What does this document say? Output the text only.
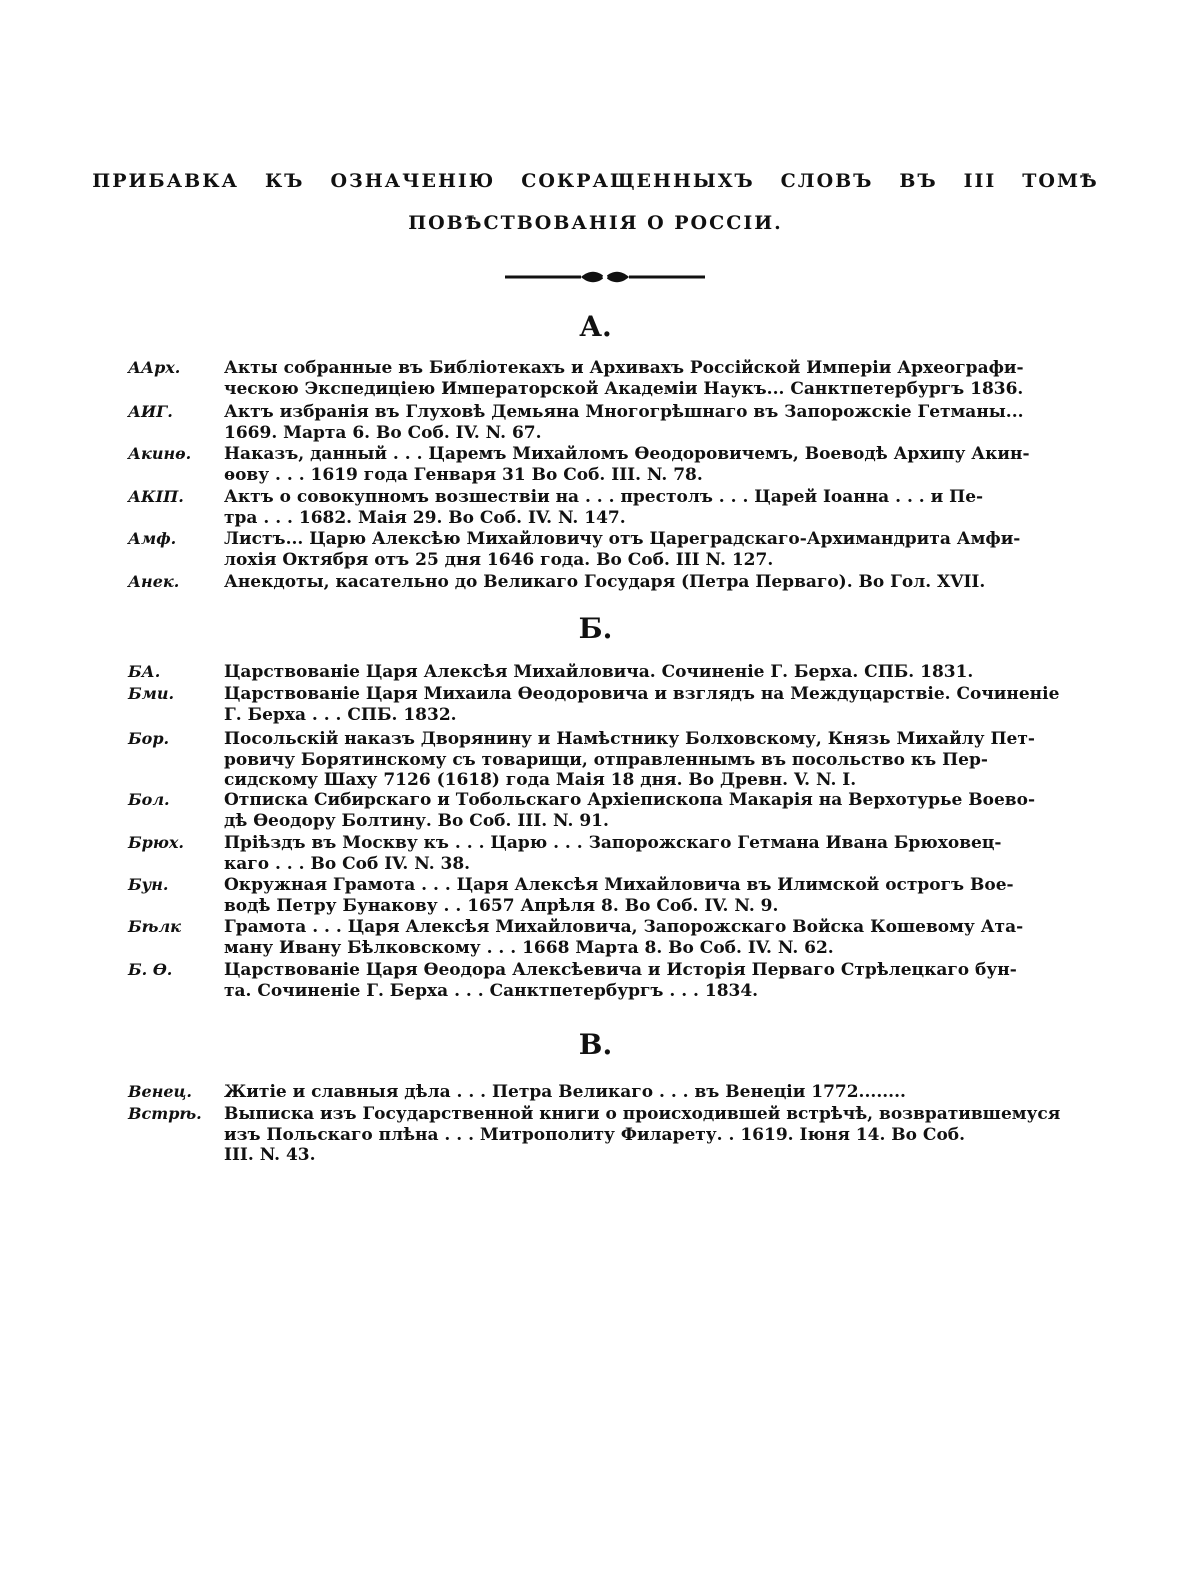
ПРИБАВКА КЪ ОЗНАЧЕНІЮ СОКРАЩЕННЫХЪ СЛОВЪ ВЪ III ТОМѢ
ПОВѢСТВОВАНІЯ О РОССІИ.
А.
ААрх.	Акты собранные въ Библіотекахъ и Архивахъ Россійской Имперіи Археографи-
ческою Экспедиціею Императорской Академіи Наукъ... Санктпетербургъ 1836.
АИГ.	Актъ избранія въ Глуховѣ Демьяна Многогрѣшнаго въ Запорожскіе Гетманы...
1669. Марта 6. Во Соб. IV. N. 67.
Акинѳ.	Наказъ, данный . . . Царемъ Михайломъ Ѳеодоровичемъ, Воеводѣ Архипу Акин-
ѳову . . . 1619 года Генваря 31 Во Соб. III. N. 78.
АКІП.	Актъ о совокупномъ возшествіи на . . . престолъ . . . Царей Іоанна . . . и Пе-
тра . . . 1682. Маія 29. Во Соб. IV. N. 147.
Амф.	Листъ... Царю Алексѣю Михайловичу отъ Цареградскаго-Архимандрита Амфи-
лохія Октября отъ 25 дня 1646 года. Во Соб. III N. 127.
Анек.	Анекдоты, касательно до Великаго Государя (Петра Перваго). Во Гол. XVII.
Б.
БА.	Царствованіе Царя Алексѣя Михайловича. Сочиненіе Г. Берха. СПБ. 1831.
Бми.	Царствованіе Царя Михаила Ѳеодоровича и взглядъ на Междуцарствіе. Сочиненіе
Г. Берха . . . СПБ. 1832.
Бор.	Посольскій наказъ Дворянину и Намѣстнику Болховскому, Князь Михайлу Пет-
ровичу Борятинскому съ товарищи, отправленнымъ въ посольство къ Пер-
сидскому Шаху 7126 (1618) года Маія 18 дня. Во Древн. V. N. I.
Бол.	Отписка Сибирскаго и Тобольскаго Архіепископа Макарія на Верхотурье Воево-
дѣ Ѳеодору Болтину. Во Соб. III. N. 91.
Брюх.	Пріѣздъ въ Москву къ . . . Царю . . . Запорожскаго Гетмана Ивана Брюховец-
каго . . . Во Соб IV. N. 38.
Бун.	Окружная Грамота . . . Царя Алексѣя Михайловича въ Илимской острогъ Вое-
водѣ Петру Бунакову . . 1657 Апрѣля 8. Во Соб. IV. N. 9.
Бѣлк	Грамота . . . Царя Алексѣя Михайловича, Запорожскаго Войска Кошевому Ата-
ману Ивану Бѣлковскому . . . 1668 Марта 8. Во Соб. IV. N. 62.
Б. Ѳ.	Царствованіе Царя Ѳеодора Алексѣевича и Исторія Перваго Стрѣлецкаго бун-
та. Сочиненіе Г. Берха . . . Санктпетербургъ . . . 1834.
В.
Венец.	Житіе и славныя дѣла . . . Петра Великаго . . . въ Венеціи 1772........
Встрѣ.	Выписка изъ Государственной книги о происходившей встрѣчѣ, возвратившемуся
изъ Польскаго плѣна . . . Митрополиту Филарету. . 1619. Іюня 14. Во Соб.
III. N. 43.
